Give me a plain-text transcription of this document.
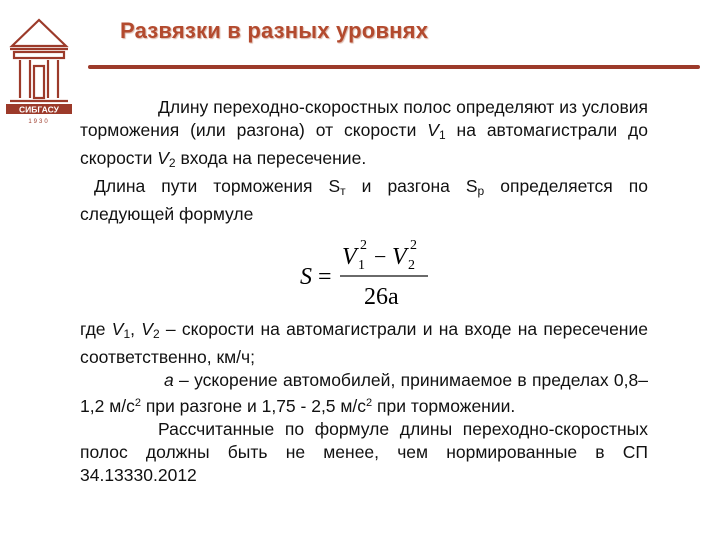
СИБГАСУ
1930
Развязки в разных уровнях

Длину переходно-скоростных полос определяют из условия торможения (или разгона) от скорости $V_1$ на автомагистрали до скорости $V_2$ входа на пересечение.

Длина пути торможения $S_т$ и разгона $S_р$ определяется по следующей формуле

S =
V 1
2 − V 2
2
26a

где $V_1$, $V_2$ – скорости на автомагистрали и на входе на пересечение соответственно, км/ч;

а – ускорение автомобилей, принимаемое в пределах 0,8–1,2 $м/с^2$ при разгоне и 1,75 - 2,5 $м/с^2$ при торможении.

Рассчитанные по формуле длины переходно-скоростных полос должны быть не менее, чем нормированные в СП 34.13330.2012
